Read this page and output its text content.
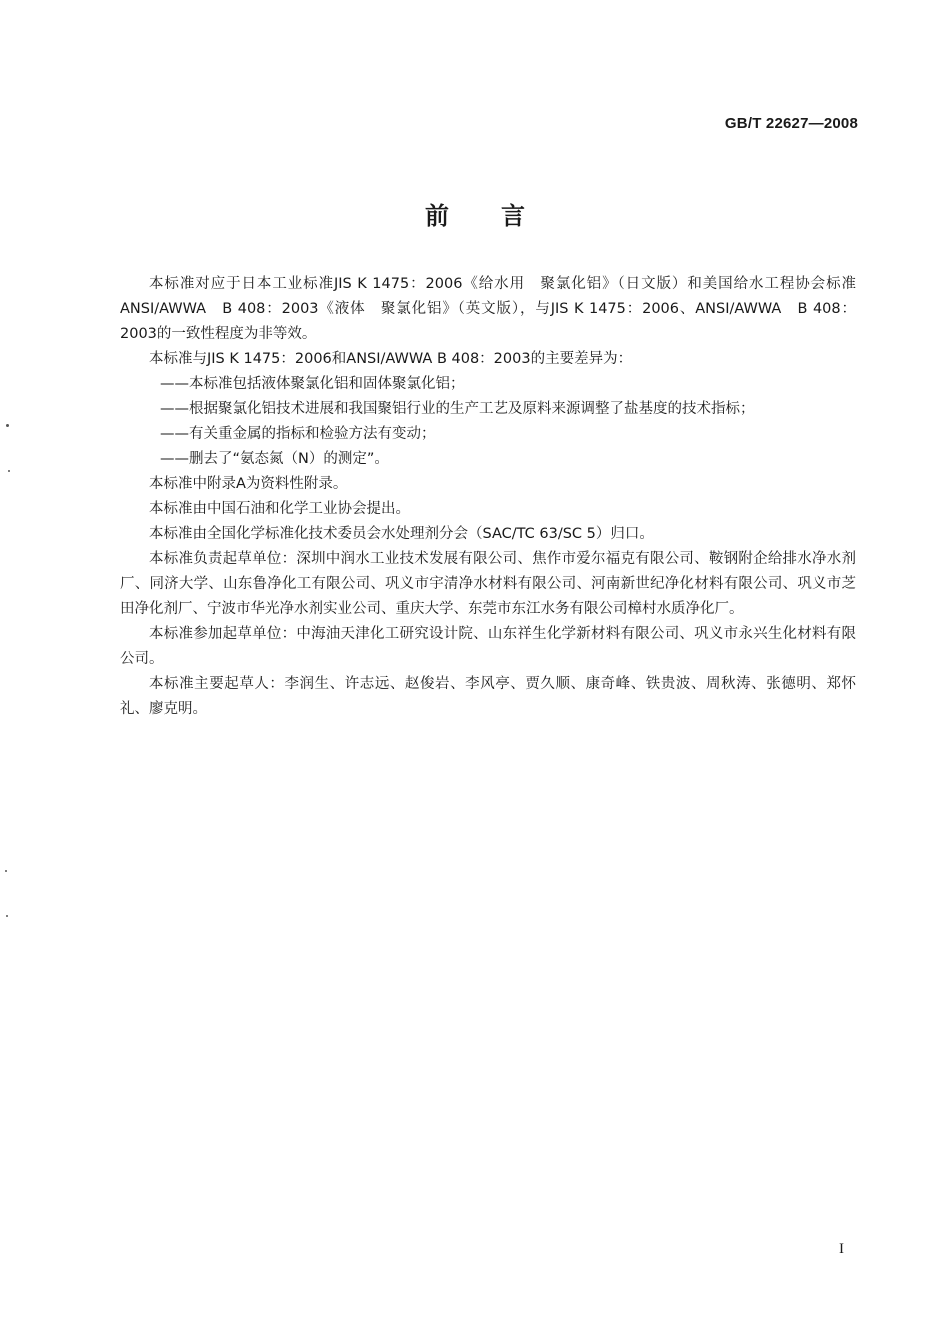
GB/T 22627—2008
前言

本标准对应于日本工业标准JIS K 1475：2006《给水用　聚氯化铝》（日文版）和美国给水工程协会标准ANSI/AWWA　B 408：2003《液体　聚氯化铝》（英文版），与JIS K 1475：2006、ANSI/AWWA　B 408：2003的一致性程度为非等效。

本标准与JIS K 1475：2006和ANSI/AWWA B 408：2003的主要差异为：

——本标准包括液体聚氯化铝和固体聚氯化铝；

——根据聚氯化铝技术进展和我国聚铝行业的生产工艺及原料来源调整了盐基度的技术指标；

——有关重金属的指标和检验方法有变动；

——删去了“氨态氮（N）的测定”。

本标准中附录A为资料性附录。

本标准由中国石油和化学工业协会提出。

本标准由全国化学标准化技术委员会水处理剂分会（SAC/TC 63/SC 5）归口。

本标准负责起草单位：深圳中润水工业技术发展有限公司、焦作市爱尔福克有限公司、鞍钢附企给排水净水剂厂、同济大学、山东鲁净化工有限公司、巩义市宇清净水材料有限公司、河南新世纪净化材料有限公司、巩义市芝田净化剂厂、宁波市华光净水剂实业公司、重庆大学、东莞市东江水务有限公司樟村水质净化厂。

本标准参加起草单位：中海油天津化工研究设计院、山东祥生化学新材料有限公司、巩义市永兴生化材料有限公司。

本标准主要起草人：李润生、许志远、赵俊岩、李风亭、贾久顺、康奇峰、铁贵波、周秋涛、张德明、郑怀礼、廖克明。

I
